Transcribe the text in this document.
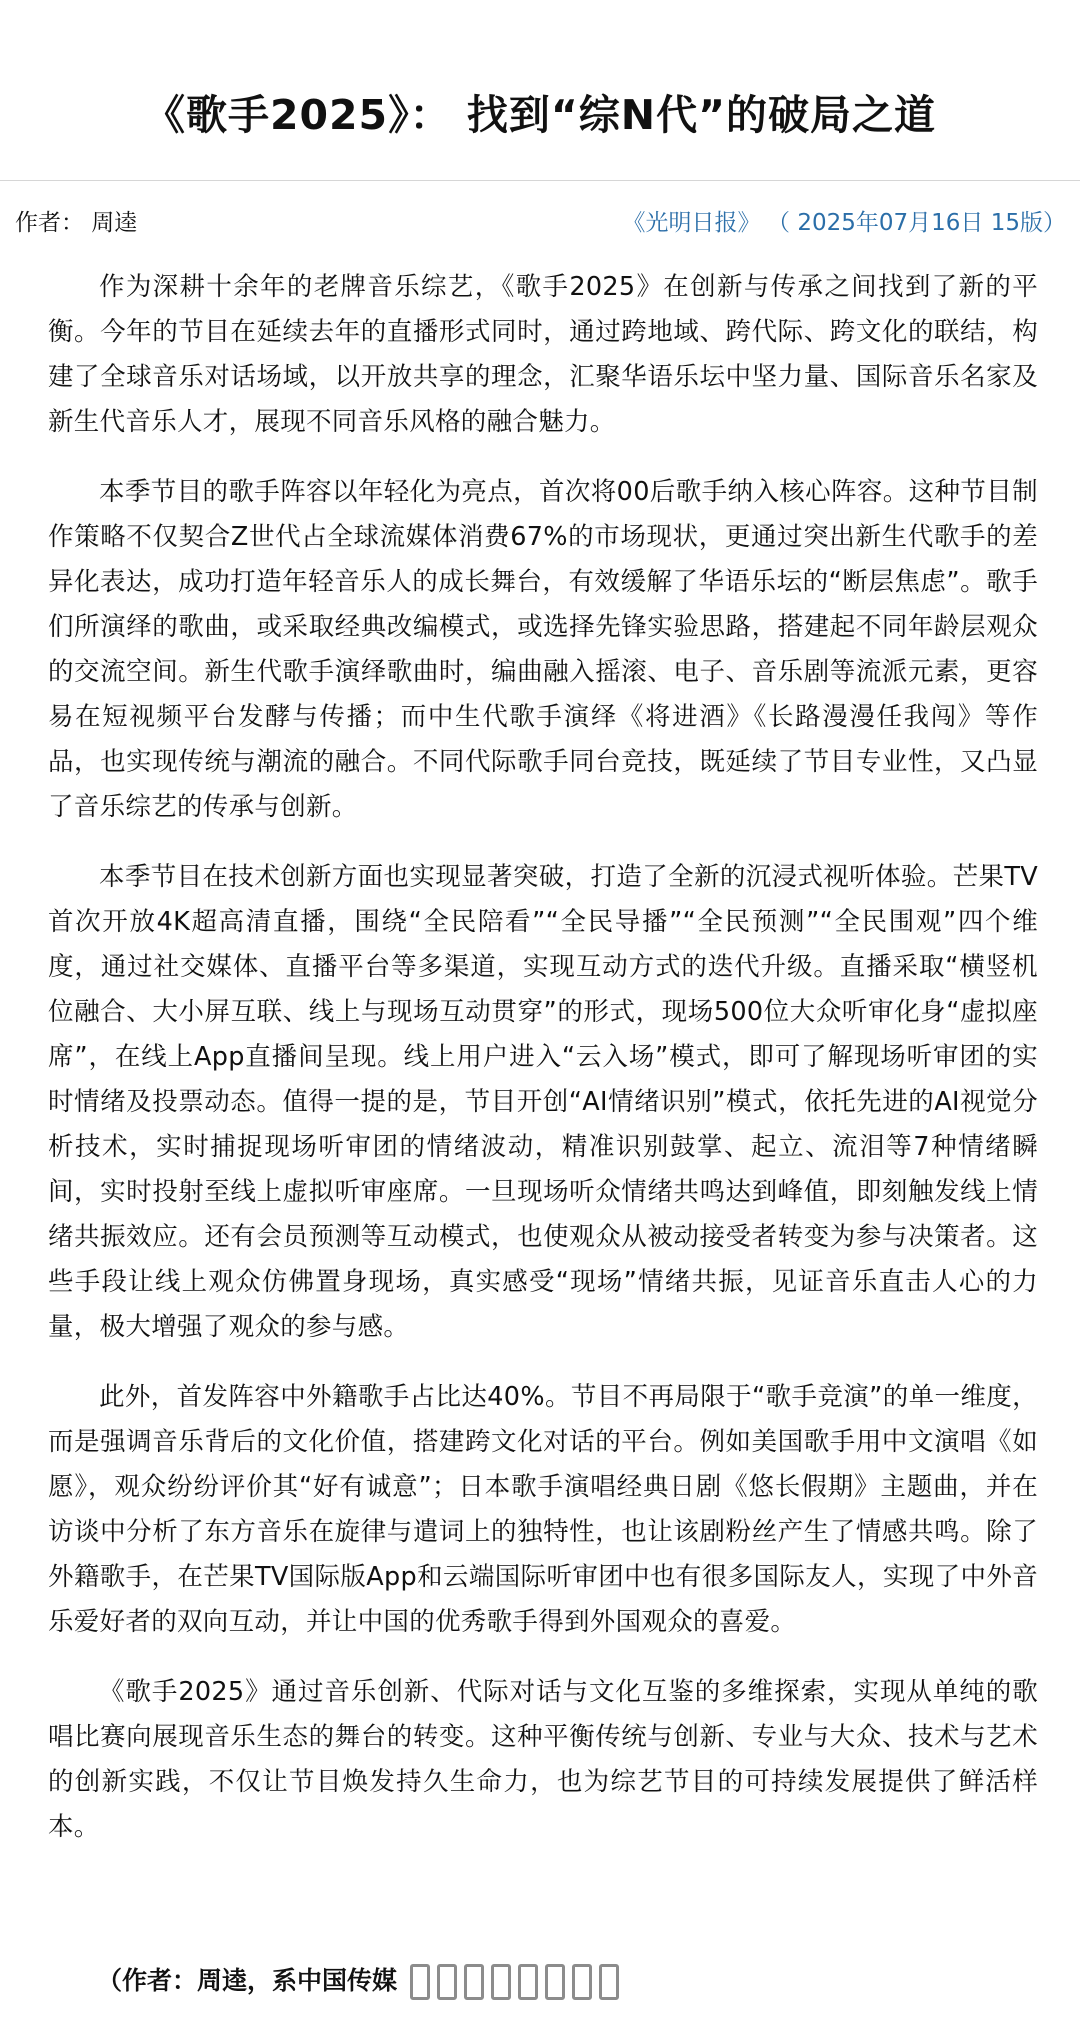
《歌手2025》： 找到“综N代”的破局之道
作者： 周逵	《光明日报》 （ 2025年07月16日 15版）

作为深耕十余年的老牌音乐综艺，《歌手2025》在创新与传承之间找到了新的平衡。今年的节目在延续去年的直播形式同时，通过跨地域、跨代际、跨文化的联结，构建了全球音乐对话场域，以开放共享的理念，汇聚华语乐坛中坚力量、国际音乐名家及新生代音乐人才，展现不同音乐风格的融合魅力。

本季节目的歌手阵容以年轻化为亮点，首次将00后歌手纳入核心阵容。这种节目制作策略不仅契合Z世代占全球流媒体消费67%的市场现状，更通过突出新生代歌手的差异化表达，成功打造年轻音乐人的成长舞台，有效缓解了华语乐坛的“断层焦虑”。歌手们所演绎的歌曲，或采取经典改编模式，或选择先锋实验思路，搭建起不同年龄层观众的交流空间。新生代歌手演绎歌曲时，编曲融入摇滚、电子、音乐剧等流派元素，更容易在短视频平台发酵与传播；而中生代歌手演绎《将进酒》《长路漫漫任我闯》等作品，也实现传统与潮流的融合。不同代际歌手同台竞技，既延续了节目专业性，又凸显了音乐综艺的传承与创新。

本季节目在技术创新方面也实现显著突破，打造了全新的沉浸式视听体验。芒果TV首次开放4K超高清直播，围绕“全民陪看”“全民导播”“全民预测”“全民围观”四个维度，通过社交媒体、直播平台等多渠道，实现互动方式的迭代升级。直播采取“横竖机位融合、大小屏互联、线上与现场互动贯穿”的形式，现场500位大众听审化身“虚拟座席”，在线上App直播间呈现。线上用户进入“云入场”模式，即可了解现场听审团的实时情绪及投票动态。值得一提的是，节目开创“AI情绪识别”模式，依托先进的AI视觉分析技术，实时捕捉现场听审团的情绪波动，精准识别鼓掌、起立、流泪等7种情绪瞬间，实时投射至线上虚拟听审座席。一旦现场听众情绪共鸣达到峰值，即刻触发线上情绪共振效应。还有会员预测等互动模式，也使观众从被动接受者转变为参与决策者。这些手段让线上观众仿佛置身现场，真实感受“现场”情绪共振，见证音乐直击人心的力量，极大增强了观众的参与感。

此外，首发阵容中外籍歌手占比达40%。节目不再局限于“歌手竞演”的单一维度，而是强调音乐背后的文化价值，搭建跨文化对话的平台。例如美国歌手用中文演唱《如愿》，观众纷纷评价其“好有诚意”；日本歌手演唱经典日剧《悠长假期》主题曲，并在访谈中分析了东方音乐在旋律与遣词上的独特性，也让该剧粉丝产生了情感共鸣。除了外籍歌手，在芒果TV国际版App和云端国际听审团中也有很多国际友人，实现了中外音乐爱好者的双向互动，并让中国的优秀歌手得到外国观众的喜爱。

《歌手2025》通过音乐创新、代际对话与文化互鉴的多维探索，实现从单纯的歌唱比赛向展现音乐生态的舞台的转变。这种平衡传统与创新、专业与大众、技术与艺术的创新实践，不仅让节目焕发持久生命力，也为综艺节目的可持续发展提供了鲜活样本。

（作者：周逵，系中国传媒
